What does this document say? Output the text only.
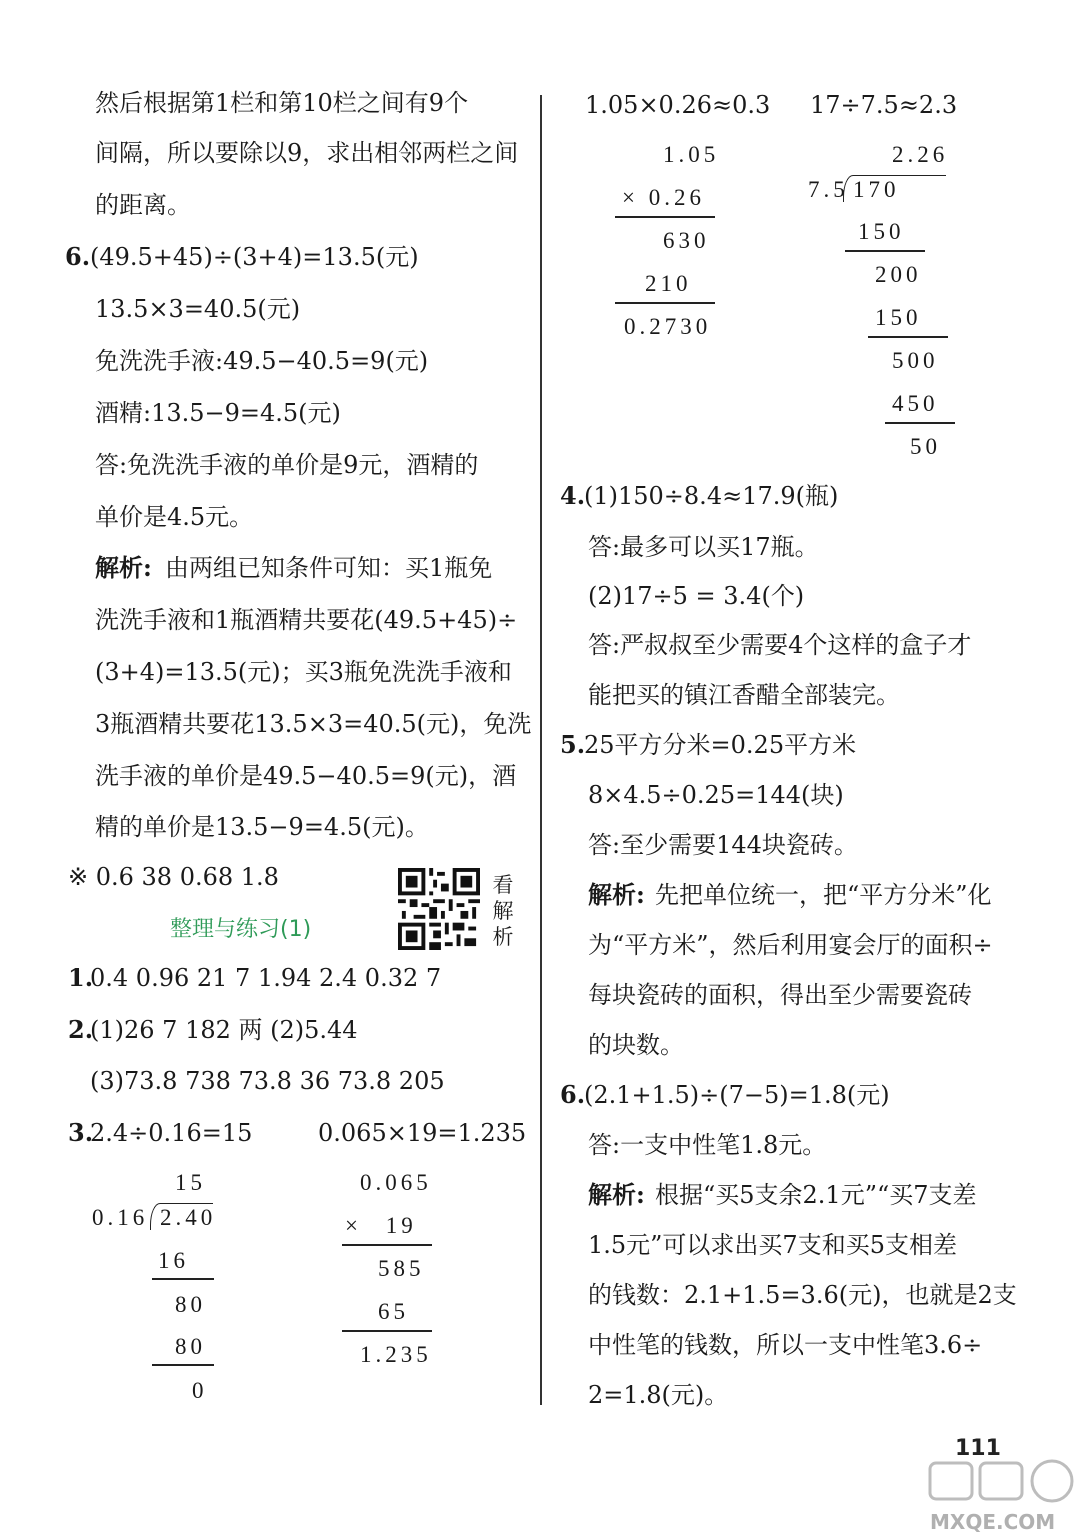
然后根据第1栏和第10栏之间有9个
间隔，所以要除以9，求出相邻两栏之间
的距离。
6. (49.5+45)÷(3+4)=13.5(元)
13.5×3=40.5(元)
免洗洗手液:49.5−40.5=9(元)
酒精:13.5−9=4.5(元)
答:免洗洗手液的单价是9元，酒精的
单价是4.5元。
解析: 由两组已知条件可知：买1瓶免
洗洗手液和1瓶酒精共要花(49.5+45)÷
(3+4)=13.5(元)；买3瓶免洗洗手液和
3瓶酒精共要花13.5×3=40.5(元)，免洗
洗手液的单价是49.5−40.5=9(元)，酒
精的单价是13.5−9=4.5(元)。
※ 0.6 38 0.68 1.8
整理与练习(1)
看
解
析
1.
0.4 0.96 21 7 1.94 2.4 0.32 7
2.
(1)26 7 182 两 (2)5.44
(3)73.8 738 73.8 36 73.8 205
3.
2.4÷0.16=15	0.065×19=1.235
15
0.16 2.40
16
80
80
0
0.065
× 19
585
65
1.235
1.05×0.26≈0.3 17÷7.5≈2.3
1.05
× 0.26
630
210
0.2730
2.26
7.5 170
150
200
150
500
450
50
4.
(1)150÷8.4≈17.9(瓶)
答:最多可以买17瓶。
(2)17÷5 = 3.4(个)
答:严叔叔至少需要4个这样的盒子才
能把买的镇江香醋全部装完。
5.
25平方分米=0.25平方米
8×4.5÷0.25=144(块)
答:至少需要144块瓷砖。
解析: 先把单位统一，把“平方分米”化
为“平方米”，然后利用宴会厅的面积÷
每块瓷砖的面积，得出至少需要瓷砖
的块数。
6.
(2.1+1.5)÷(7−5)=1.8(元)
答:一支中性笔1.8元。
解析: 根据“买5支余2.1元”“买7支差
1.5元”可以求出买7支和买5支相差
的钱数：2.1+1.5=3.6(元)，也就是2支
中性笔的钱数，所以一支中性笔3.6÷
2=1.8(元)。
111
MXQE.COM
